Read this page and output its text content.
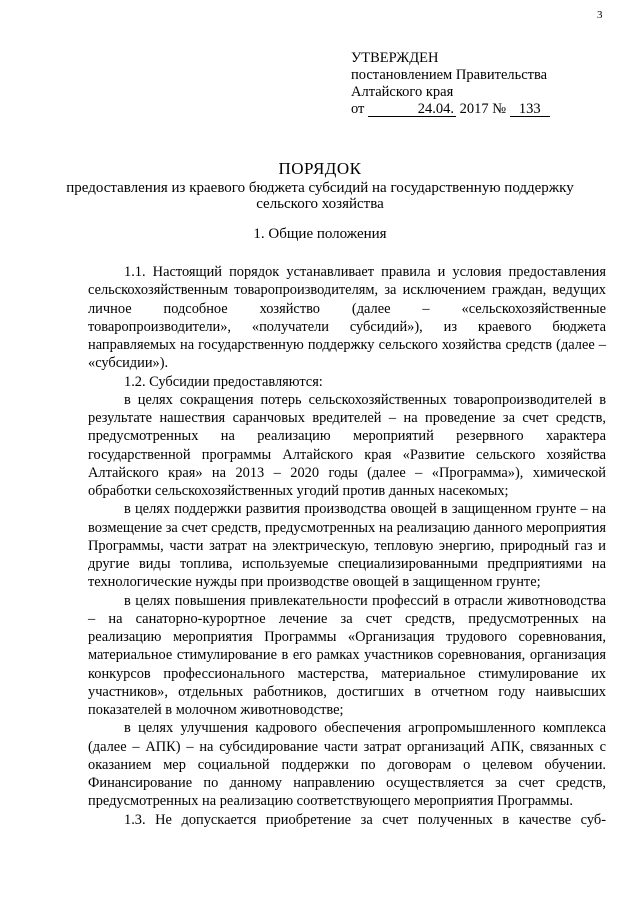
3
УТВЕРЖДЕН
постановлением Правительства
Алтайского края
от	24.04. 2017 № 133
ПОРЯДОК
предоставления из краевого бюджета субсидий на государственную поддержку сельского хозяйства
1. Общие положения

1.1. Настоящий порядок устанавливает правила и условия предоставления сельскохозяйственным товаропроизводителям, за исключением граждан, ведущих личное подсобное хозяйство (далее – «сельскохозяйственные товаропроизводители», «получатели субсидий»), из краевого бюджета направляемых на государственную поддержку сельского хозяйства средств (далее – «субсидии»).

1.2. Субсидии предоставляются:

в целях сокращения потерь сельскохозяйственных товаропроизводителей в результате нашествия саранчовых вредителей – на проведение за счет средств, предусмотренных на реализацию мероприятий резервного характера государственной программы Алтайского края «Развитие сельского хозяйства Алтайского края» на 2013 – 2020 годы (далее – «Программа»), химической обработки сельскохозяйственных угодий против данных насекомых;

в целях поддержки развития производства овощей в защищенном грунте – на возмещение за счет средств, предусмотренных на реализацию данного мероприятия Программы, части затрат на электрическую, тепловую энергию, природный газ и другие виды топлива, используемые специализированными предприятиями на технологические нужды при производстве овощей в защищенном грунте;

в целях повышения привлекательности профессий в отрасли животноводства – на санаторно-курортное лечение за счет средств, предусмотренных на реализацию мероприятия Программы «Организация трудового соревнования, материальное стимулирование в его рамках участников соревнования, организация конкурсов профессионального мастерства, материальное стимулирование их участников», отдельных работников, достигших в отчетном году наивысших показателей в молочном животноводстве;

в целях улучшения кадрового обеспечения агропромышленного комплекса (далее – АПК) – на субсидирование части затрат организаций АПК, связанных с оказанием мер социальной поддержки по договорам о целевом обучении. Финансирование по данному направлению осуществляется за счет средств, предусмотренных на реализацию соответствующего мероприятия Программы.

1.3. Не допускается приобретение за счет полученных в качестве суб-
